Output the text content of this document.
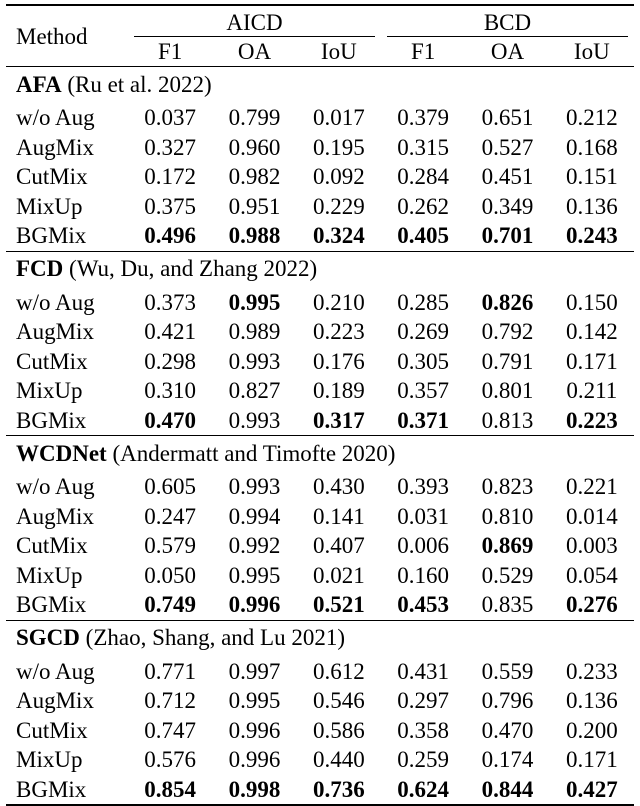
Method	AICD			BCD		

	F1	OA	IoU	F1	OA	IoU
AFA (Ru et al. 2022)						
w/o Aug	0.037	0.799	0.017	0.379	0.651	0.212
AugMix	0.327	0.960	0.195	0.315	0.527	0.168
CutMix	0.172	0.982	0.092	0.284	0.451	0.151
MixUp	0.375	0.951	0.229	0.262	0.349	0.136
BGMix	0.496	0.988	0.324	0.405	0.701	0.243
FCD (Wu, Du, and Zhang 2022)						
w/o Aug	0.373	0.995	0.210	0.285	0.826	0.150
AugMix	0.421	0.989	0.223	0.269	0.792	0.142
CutMix	0.298	0.993	0.176	0.305	0.791	0.171
MixUp	0.310	0.827	0.189	0.357	0.801	0.211
BGMix	0.470	0.993	0.317	0.371	0.813	0.223
WCDNet (Andermatt and Timofte 2020)						
w/o Aug	0.605	0.993	0.430	0.393	0.823	0.221
AugMix	0.247	0.994	0.141	0.031	0.810	0.014
CutMix	0.579	0.992	0.407	0.006	0.869	0.003
MixUp	0.050	0.995	0.021	0.160	0.529	0.054
BGMix	0.749	0.996	0.521	0.453	0.835	0.276
SGCD (Zhao, Shang, and Lu 2021)						
w/o Aug	0.771	0.997	0.612	0.431	0.559	0.233
AugMix	0.712	0.995	0.546	0.297	0.796	0.136
CutMix	0.747	0.996	0.586	0.358	0.470	0.200
MixUp	0.576	0.996	0.440	0.259	0.174	0.171
BGMix	0.854	0.998	0.736	0.624	0.844	0.427
